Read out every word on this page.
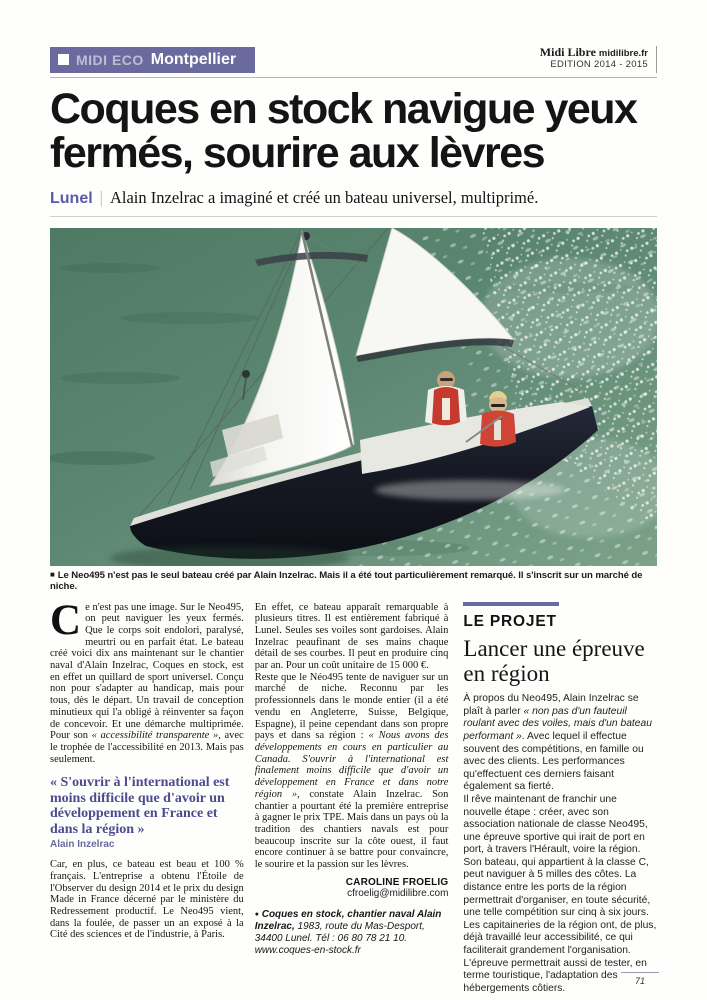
MIDI ECO Montpellier	Midi Libre midilibre.fr
EDITION 2014 - 2015
Coques en stock navigue yeux fermés, sourire aux lèvres
Lunel | Alain Inzelrac a imaginé et créé un bateau universel, multiprimé.
■ Le Neo495 n'est pas le seul bateau créé par Alain Inzelrac. Mais il a été tout particulièrement remarqué. Il s'inscrit sur un marché de niche.

Ce n'est pas une image. Sur le Neo495, on peut naviguer les yeux fermés. Que le corps soit endolori, paralysé, meurtri ou en parfait état. Le bateau créé voici dix ans maintenant sur le chantier naval d'Alain Inzelrac, Coques en stock, est en effet un quillard de sport universel. Conçu non pour s'adapter au handicap, mais pour tous, dès le départ. Un travail de conception minutieux qui l'a obligé à réinventer sa façon de concevoir. Et une démarche multiprimée. Pour son « accessibilité transparente », avec le trophée de l'accessibilité en 2013. Mais pas seulement.

« S'ouvrir à l'international est moins difficile que d'avoir un développement en France et dans la région »
Alain Inzelrac

Car, en plus, ce bateau est beau et 100 % français. L'entreprise a obtenu l'Étoile de l'Observer du design 2014 et le prix du design Made in France décerné par le ministère du Redressement productif. Le Neo495 vient, dans la foulée, de passer un an exposé à la Cité des sciences et de l'industrie, à Paris.

En effet, ce bateau apparaît remarquable à plusieurs titres. Il est entièrement fabriqué à Lunel. Seules ses voiles sont gardoises. Alain Inzelrac peaufinant de ses mains chaque détail de ses courbes. Il peut en produire cinq par an. Pour un coût unitaire de 15 000 €.

Reste que le Néo495 tente de naviguer sur un marché de niche. Reconnu par les professionnels dans le monde entier (il a été vendu en Angleterre, Suisse, Belgique, Espagne), il peine cependant dans son propre pays et dans sa région : « Nous avons des développements en cours en particulier au Canada. S'ouvrir à l'international est finalement moins difficile que d'avoir un développement en France et dans notre région », constate Alain Inzelrac. Son chantier a pourtant été la première entreprise à gagner le prix TPE. Mais dans un pays où la tradition des chantiers navals est pour beaucoup inscrite sur la côte ouest, il faut encore continuer à se battre pour convaincre, le sourire et la passion sur les lèvres.

CAROLINE FROELIG
cfroelig@midilibre.com
● Coques en stock, chantier naval Alain Inzelrac, 1983, route du Mas-Desport, 34400 Lunel. Tél : 06 80 78 21 10. www.coques-en-stock.fr
LE PROJET
Lancer une épreuve en région

À propos du Neo495, Alain Inzelrac se plaît à parler « non pas d'un fauteuil roulant avec des voiles, mais d'un bateau performant ». Avec lequel il effectue souvent des compétitions, en famille ou avec des clients. Les performances qu'effectuent ces derniers faisant également sa fierté.

Il rêve maintenant de franchir une nouvelle étape : créer, avec son association nationale de classe Neo495, une épreuve sportive qui irait de port en port, à travers l'Hérault, voire la région. Son bateau, qui appartient à la classe C, peut naviguer à 5 milles des côtes. La distance entre les ports de la région permettrait d'organiser, en toute sécurité, une telle compétition sur cinq à six jours. Les capitaineries de la région ont, de plus, déjà travaillé leur accessibilité, ce qui faciliterait grandement l'organisation. L'épreuve permettrait aussi de tester, en terme touristique, l'adaptation des hébergements côtiers.

71
